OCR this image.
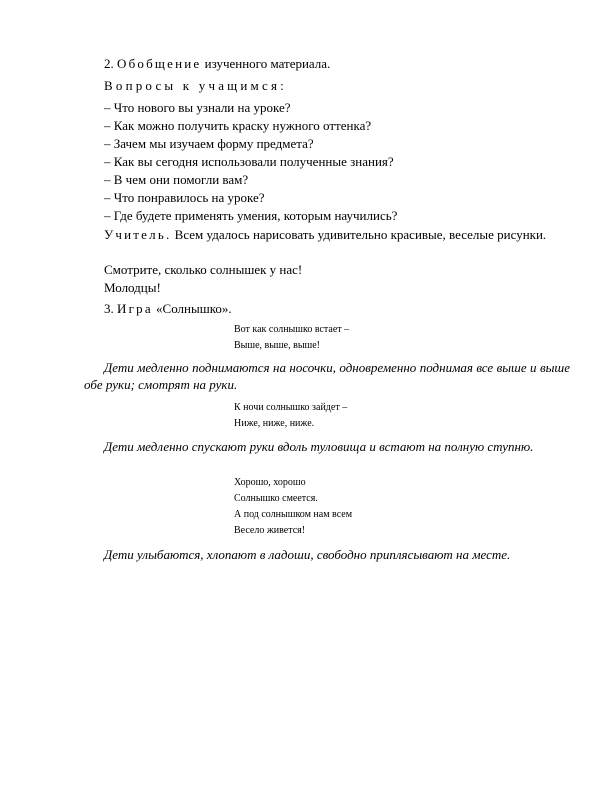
2. Обобщение изученного материала.
Вопросы к учащимся:
– Что нового вы узнали на уроке?
– Как можно получить краску нужного оттенка?
– Зачем мы изучаем форму предмета?
– Как вы сегодня использовали полученные знания?
– В чем они помогли вам?
– Что понравилось на уроке?
– Где будете применять умения, которым научились?
Учитель. Всем удалось нарисовать удивительно красивые, веселые рисунки.
Смотрите, сколько солнышек у нас!
Молодцы!
3. Игра «Солнышко».
Вот как солнышко встает –
Выше, выше, выше!
Дети медленно поднимаются на носочки, одновременно поднимая все выше и выше обе руки; смотрят на руки.
К ночи солнышко зайдет –
Ниже, ниже, ниже.
Дети медленно спускают руки вдоль туловища и встают на полную ступню.
Хорошо, хорошо
Солнышко смеется.
А под солнышком нам всем
Весело живется!
Дети улыбаются, хлопают в ладоши, свободно приплясывают на месте.
